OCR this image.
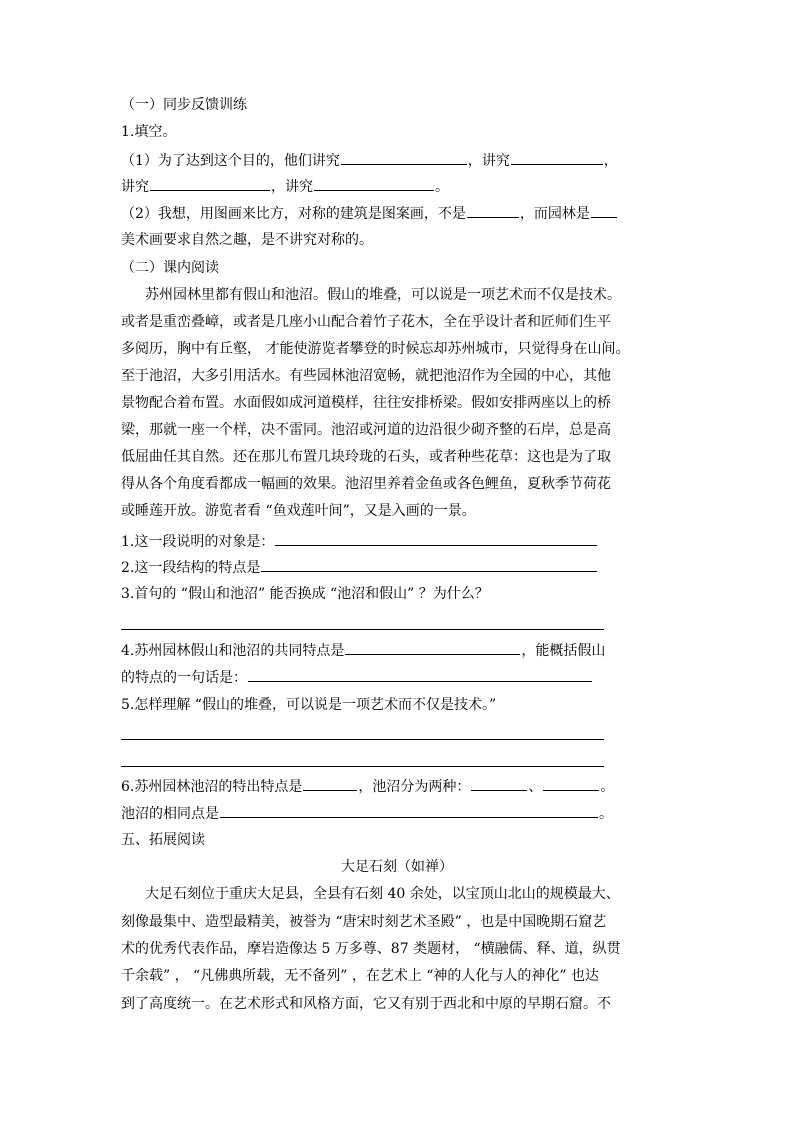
（一）同步反馈训练

1.填空。

（1）为了达到这个目的，他们讲究	，讲究	，

讲究	，讲究	。

（2）我想，用图画来比方，对称的建筑是图案画，不是	，而园林是

美术画要求自然之趣，是不讲究对称的。

（二）课内阅读

苏州园林里都有假山和池沼。假山的堆叠，可以说是一项艺术而不仅是技术。

或者是重峦叠嶂，或者是几座小山配合着竹子花木，全在乎设计者和匠师们生平

多阅历，胸中有丘壑， 才能使游览者攀登的时候忘却苏州城市，只觉得身在山间。

至于池沼，大多引用活水。有些园林池沼宽畅，就把池沼作为全园的中心，其他

景物配合着布置。水面假如成河道模样，往往安排桥梁。假如安排两座以上的桥

梁，那就一座一个样，决不雷同。池沼或河道的边沿很少砌齐整的石岸，总是高

低屈曲任其自然。还在那儿布置几块玲珑的石头，或者种些花草：这也是为了取

得从各个角度看都成一幅画的效果。池沼里养着金鱼或各色鲤鱼，夏秋季节荷花

或睡莲开放。游览者看 “鱼戏莲叶间”，又是入画的一景。

1.这一段说明的对象是：

2.这一段结构的特点是

3.首句的 “假山和池沼” 能否换成 “池沼和假山” ？为什么？

4.苏州园林假山和池沼的共同特点是	，能概括假山

的特点的一句话是：

5.怎样理解 “假山的堆叠，可以说是一项艺术而不仅是技术。”

6.苏州园林池沼的特出特点是	，池沼分为两种：	、	。

池沼的相同点是	。

五、拓展阅读

大足石刻（如禅）

大足石刻位于重庆大足县，全县有石刻 40 余处，以宝顶山北山的规模最大、

刻像最集中、造型最精美，被誉为 “唐宋时刻艺术圣殿” ，也是中国晚期石窟艺

术的优秀代表作品，摩岩造像达 5 万多尊、87 类题材， “横融儒、释、道，纵贯

千余载” ， “凡佛典所载，无不备列” ，在艺术上 “神的人化与人的神化” 也达

到了高度统一。在艺术形式和风格方面，它又有别于西北和中原的早期石窟。不
